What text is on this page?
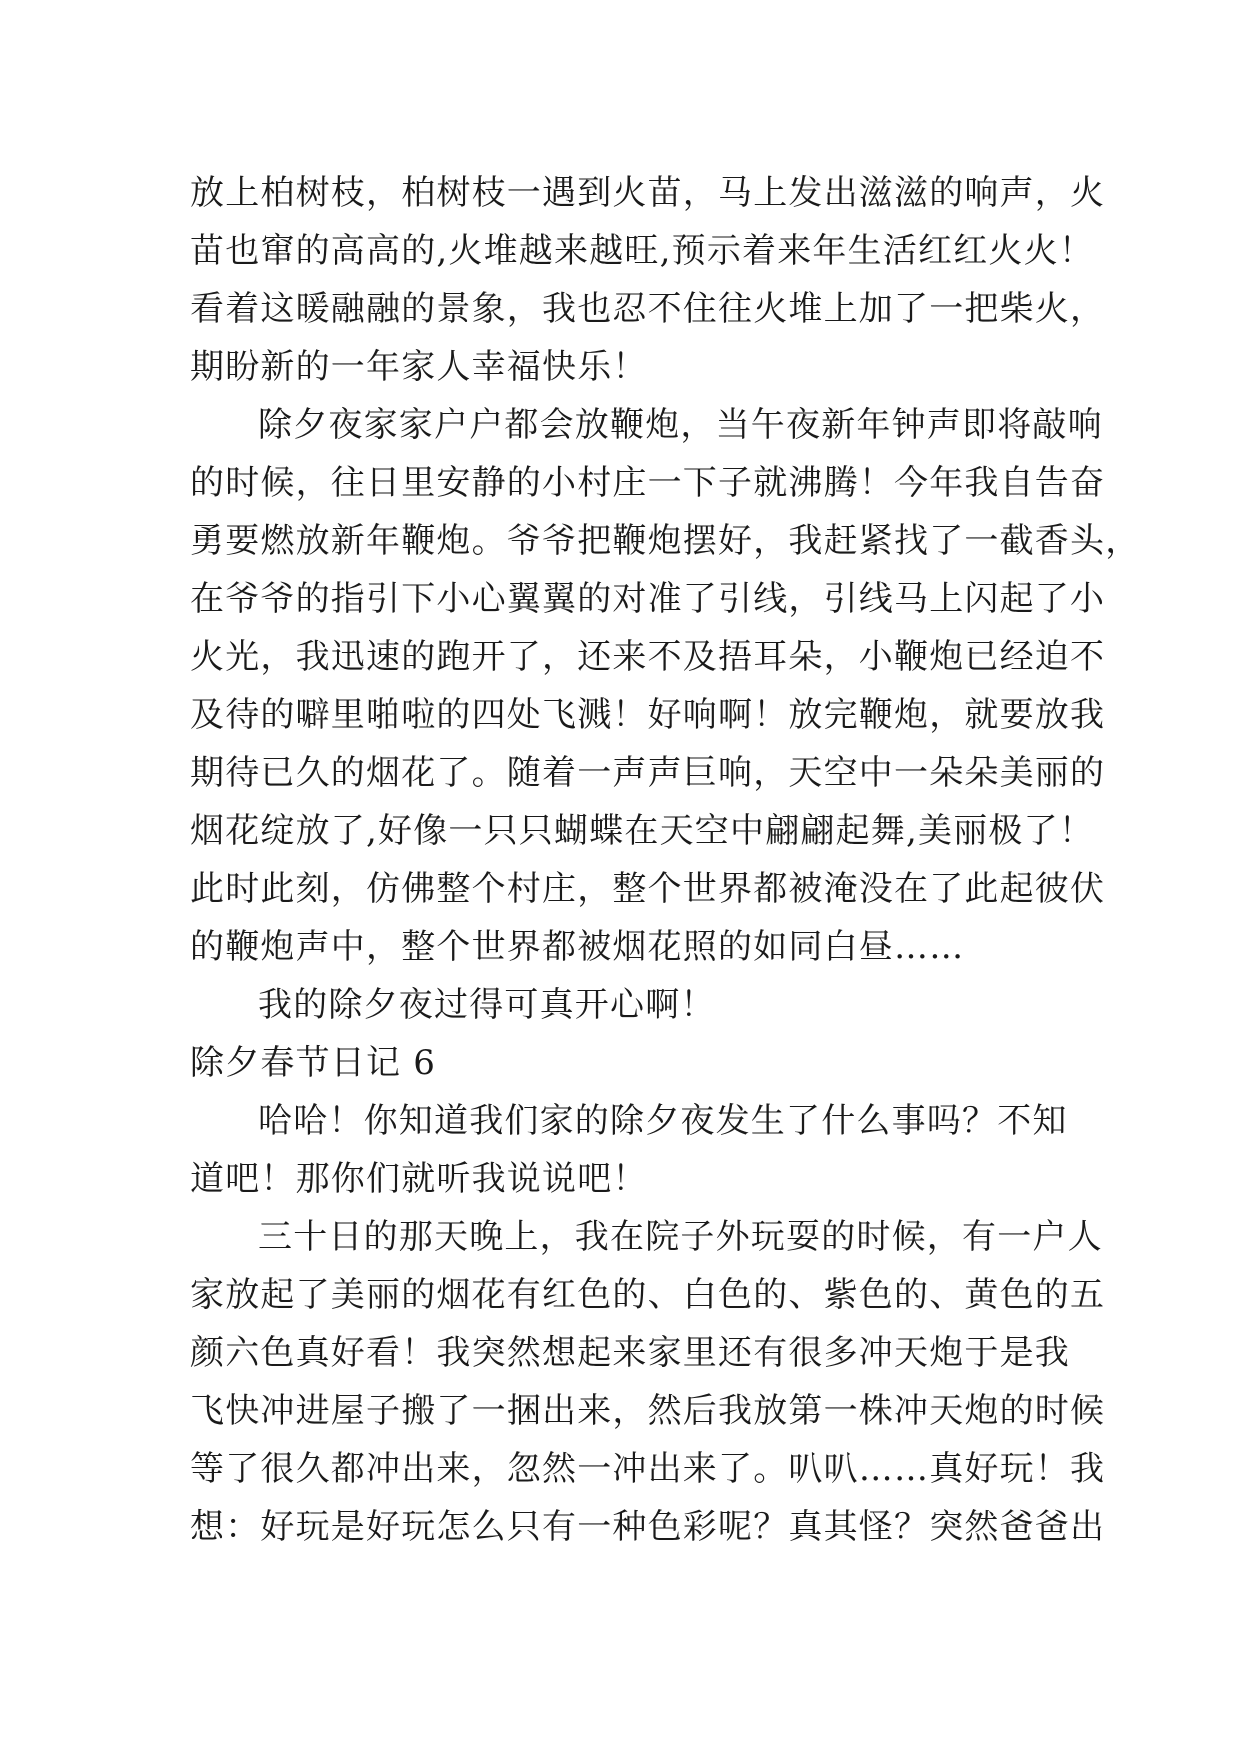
放上柏树枝，柏树枝一遇到火苗，马上发出滋滋的响声，火
苗也窜的高高的,火堆越来越旺,预示着来年生活红红火火！
看着这暖融融的景象，我也忍不住往火堆上加了一把柴火，
期盼新的一年家人幸福快乐！
除夕夜家家户户都会放鞭炮，当午夜新年钟声即将敲响
的时候，往日里安静的小村庄一下子就沸腾！今年我自告奋
勇要燃放新年鞭炮。爷爷把鞭炮摆好，我赶紧找了一截香头，
在爷爷的指引下小心翼翼的对准了引线，引线马上闪起了小
火光，我迅速的跑开了，还来不及捂耳朵，小鞭炮已经迫不
及待的噼里啪啦的四处飞溅！好响啊！放完鞭炮，就要放我
期待已久的烟花了。随着一声声巨响，天空中一朵朵美丽的
烟花绽放了,好像一只只蝴蝶在天空中翩翩起舞,美丽极了！
此时此刻，仿佛整个村庄，整个世界都被淹没在了此起彼伏
的鞭炮声中，整个世界都被烟花照的如同白昼……
我的除夕夜过得可真开心啊！
除夕春节日记 6
哈哈！你知道我们家的除夕夜发生了什么事吗？不知
道吧！那你们就听我说说吧！
三十日的那天晚上，我在院子外玩耍的时候，有一户人
家放起了美丽的烟花有红色的、白色的、紫色的、黄色的五
颜六色真好看！我突然想起来家里还有很多冲天炮于是我
飞快冲进屋子搬了一捆出来，然后我放第一株冲天炮的时候
等了很久都冲出来，忽然一冲出来了。叭叭……真好玩！我
想：好玩是好玩怎么只有一种色彩呢？真其怪？突然爸爸出
